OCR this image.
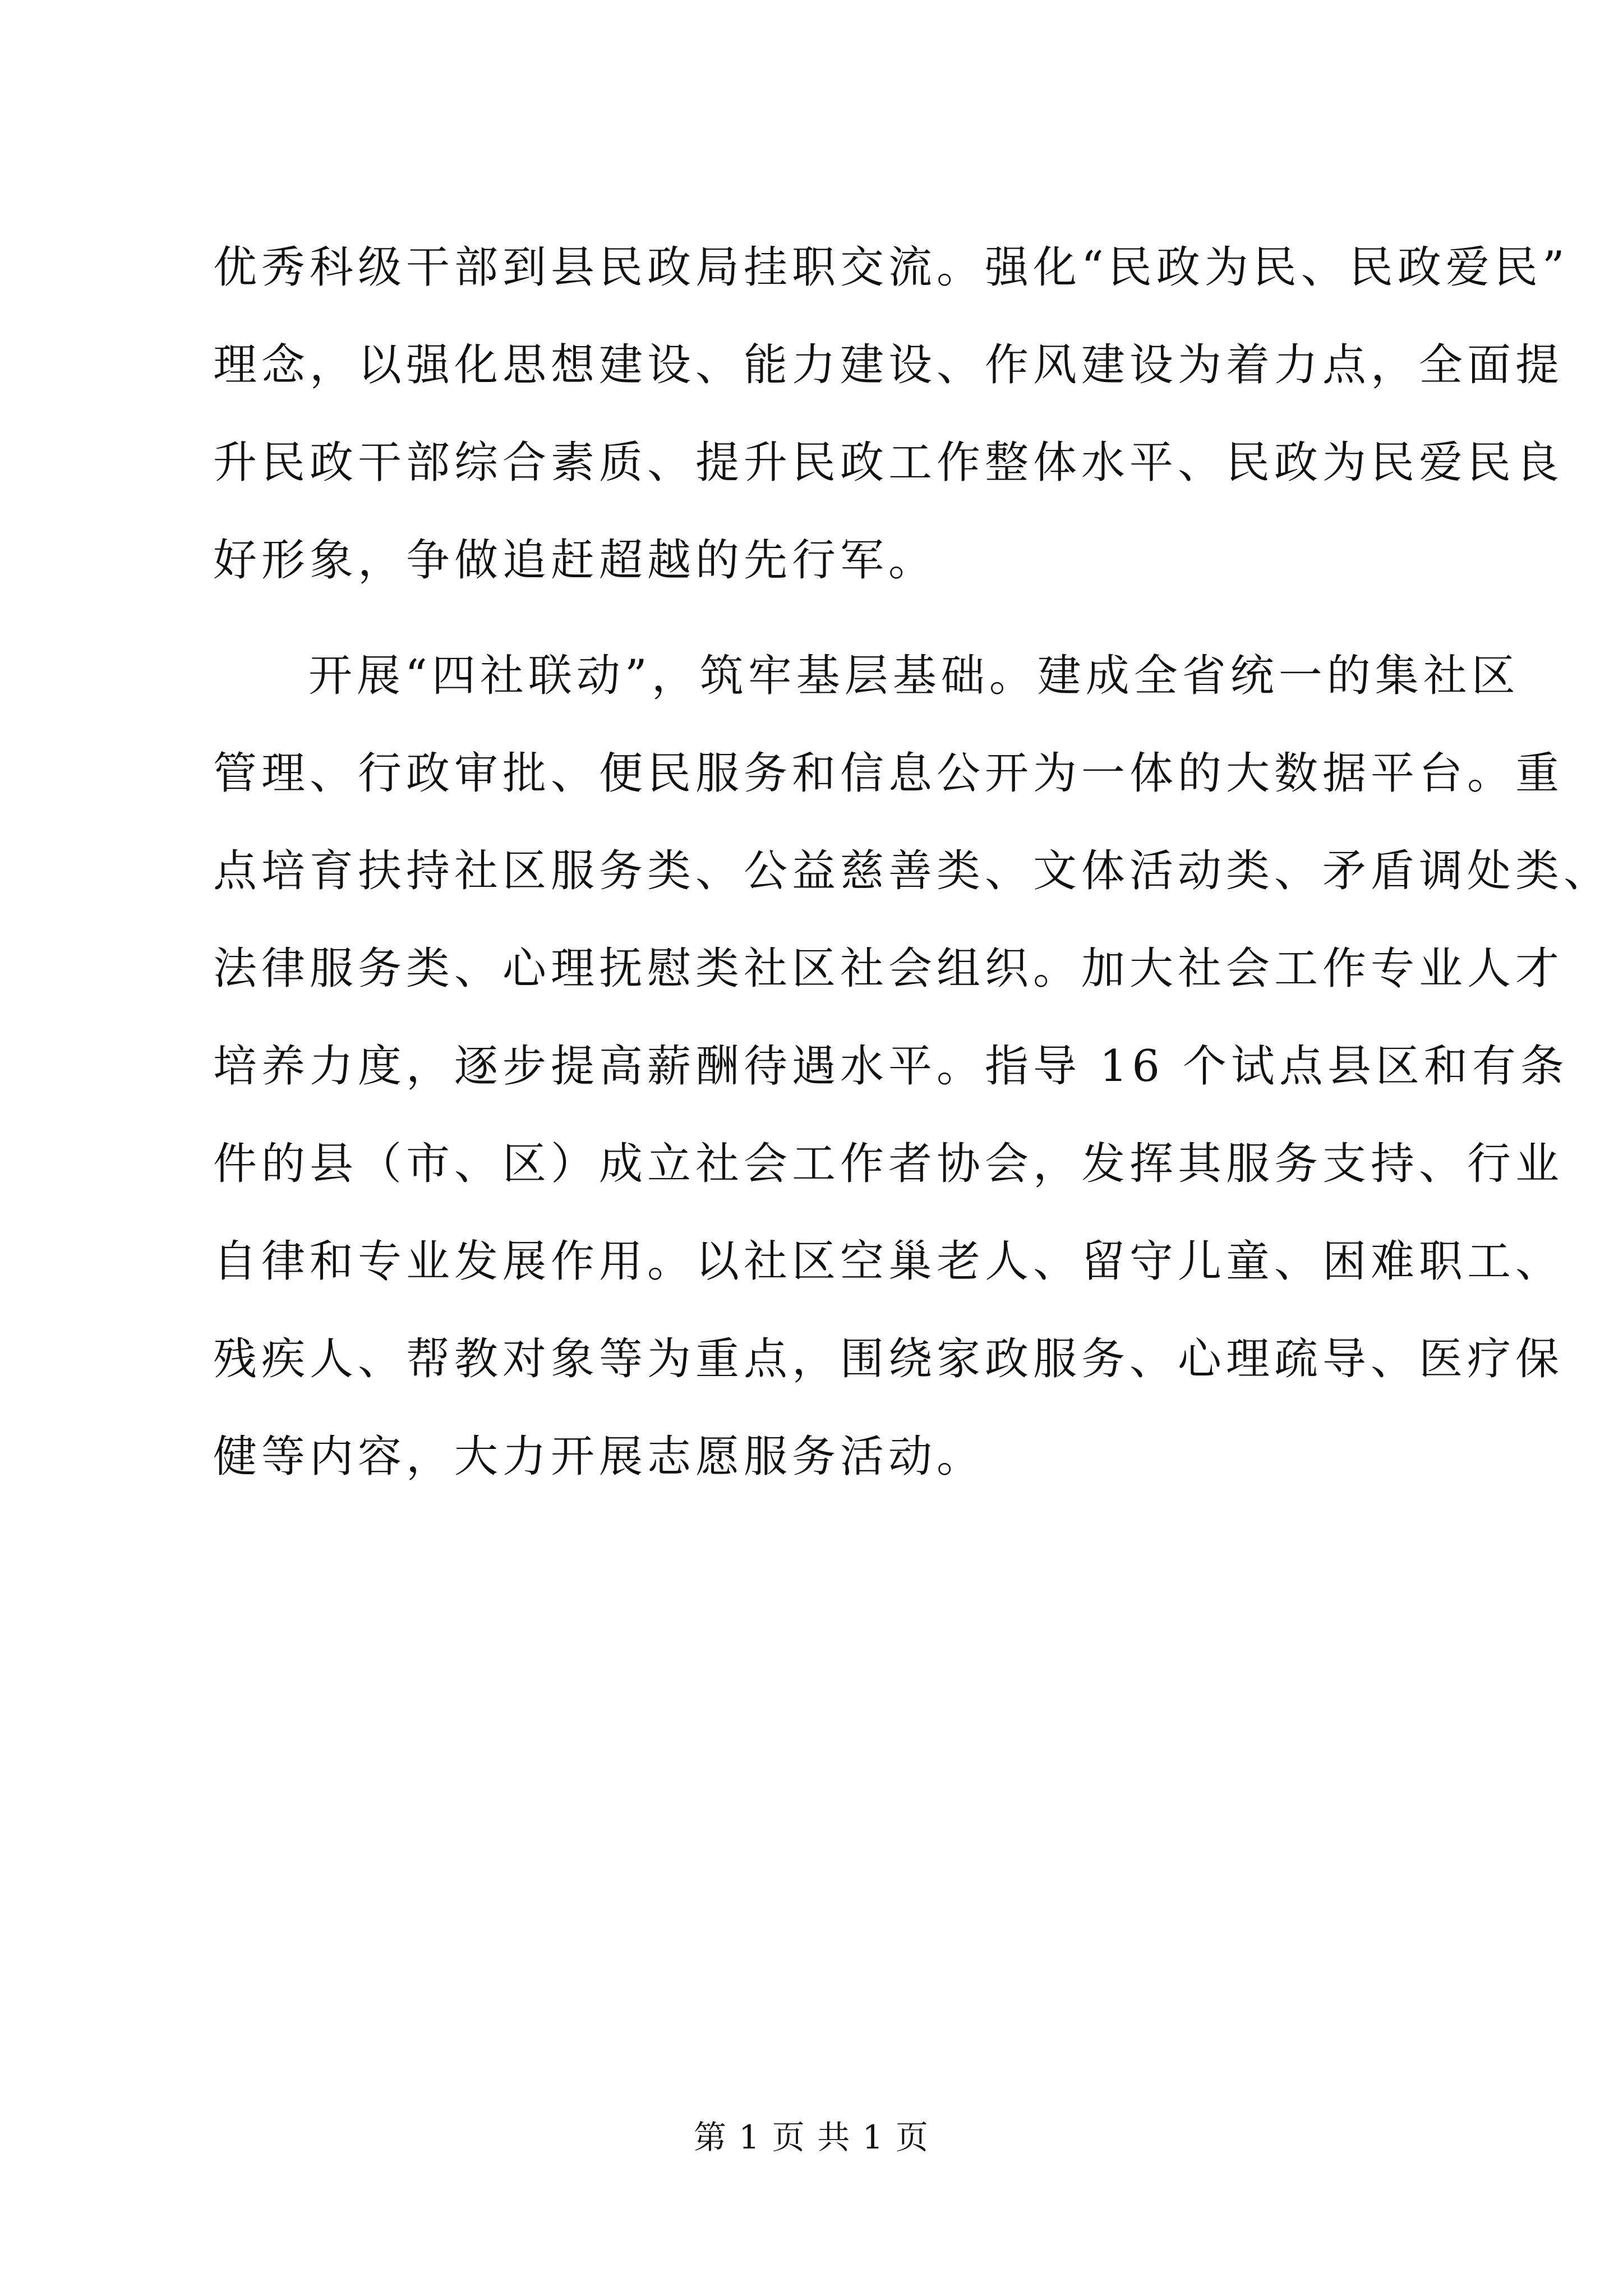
优秀科级干部到县民政局挂职交流。强化“民政为民、民政爱民”
理念，以强化思想建设、能力建设、作风建设为着力点，全面提
升民政干部综合素质、提升民政工作整体水平、民政为民爱民良
好形象，争做追赶超越的先行军。
开展“四社联动”，筑牢基层基础。建成全省统一的集社区
管理、行政审批、便民服务和信息公开为一体的大数据平台。重
点培育扶持社区服务类、公益慈善类、文体活动类、矛盾调处类、
法律服务类、心理抚慰类社区社会组织。加大社会工作专业人才
培养力度，逐步提高薪酬待遇水平。指导 16 个试点县区和有条
件的县（市、区）成立社会工作者协会，发挥其服务支持、行业
自律和专业发展作用。以社区空巢老人、留守儿童、困难职工、
残疾人、帮教对象等为重点，围绕家政服务、心理疏导、医疗保
健等内容，大力开展志愿服务活动。
第 1 页 共 1 页
